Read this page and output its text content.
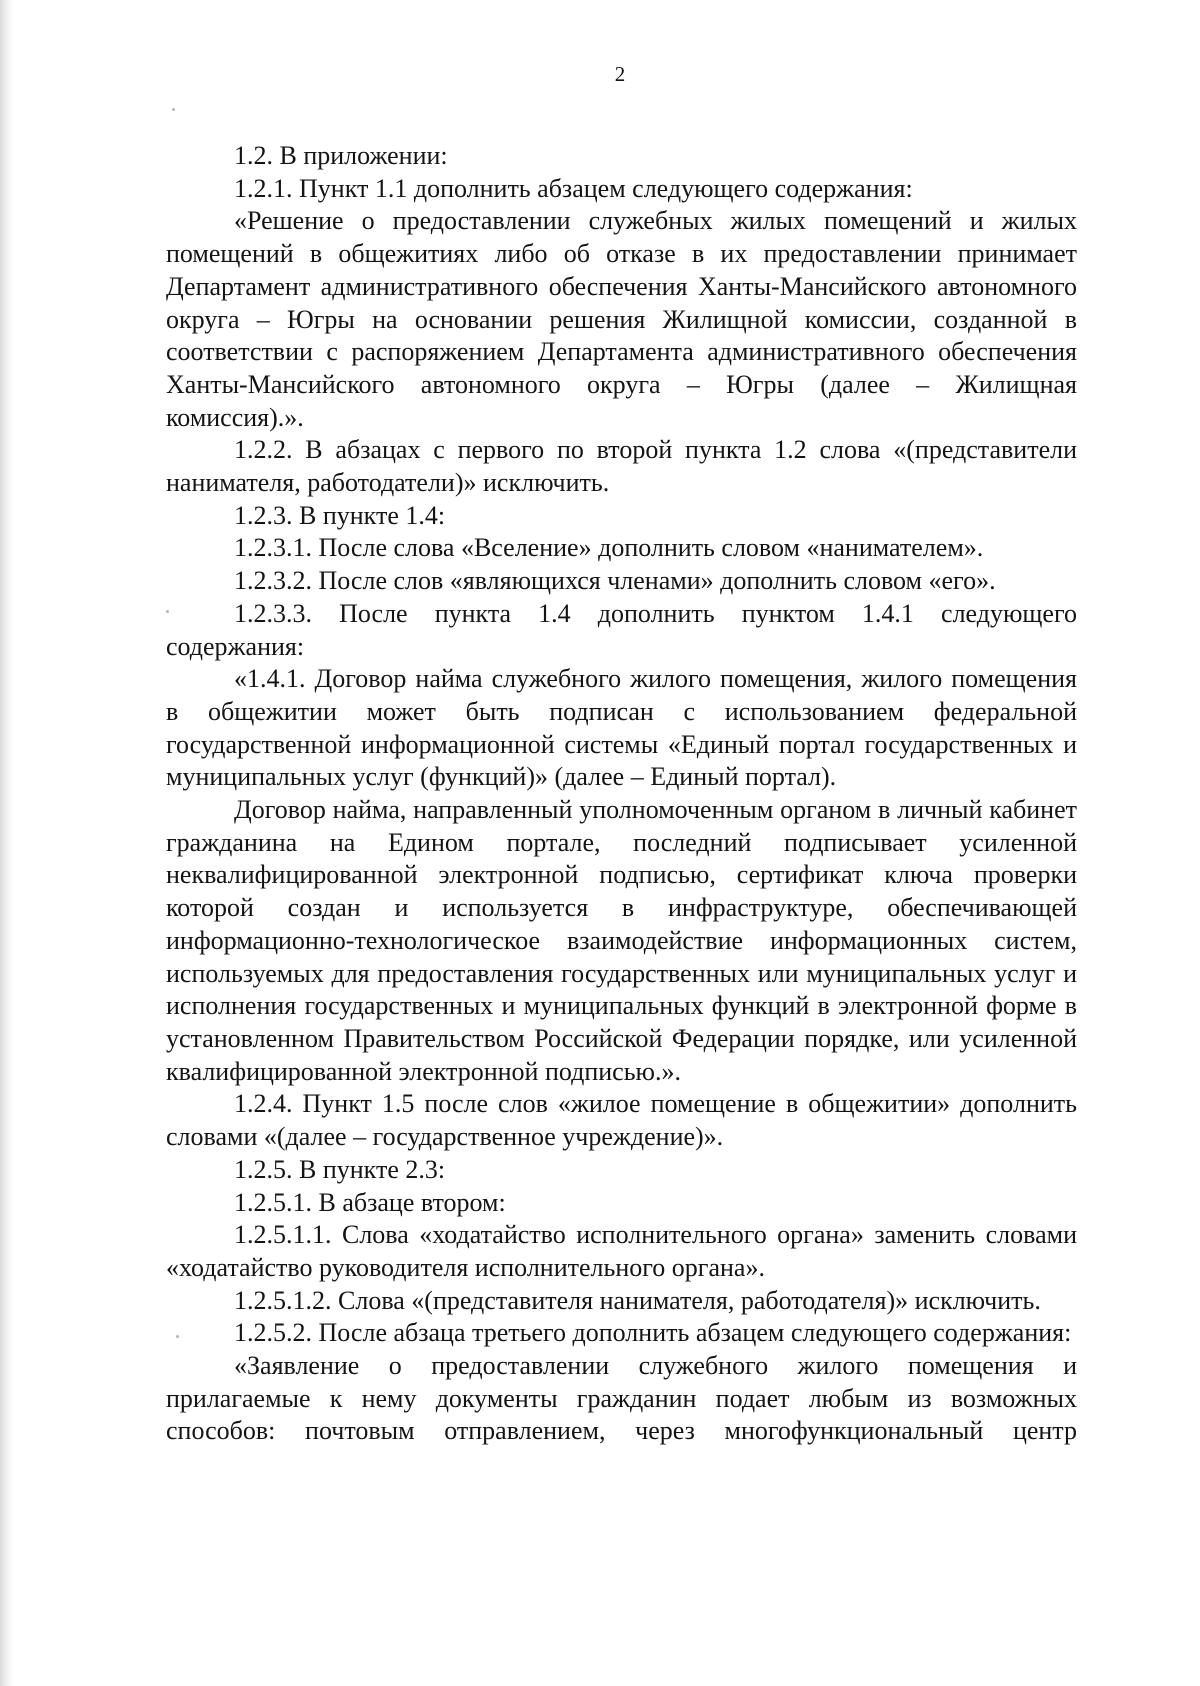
2

1.2. В приложении:

1.2.1. Пункт 1.1 дополнить абзацем следующего содержания:

«Решение о предоставлении служебных жилых помещений и жилых помещений в общежитиях либо об отказе в их предоставлении принимает Департамент административного обеспечения Ханты-Мансийского автономного округа – Югры на основании решения Жилищной комиссии, созданной в соответствии с распоряжением Департамента административного обеспечения Ханты-Мансийского автономного округа – Югры (далее – Жилищная комиссия).».

1.2.2. В абзацах с первого по второй пункта 1.2 слова «(представители нанимателя, работодатели)» исключить.

1.2.3. В пункте 1.4:

1.2.3.1. После слова «Вселение» дополнить словом «нанимателем».

1.2.3.2. После слов «являющихся членами» дополнить словом «его».

1.2.3.3. После пункта 1.4 дополнить пунктом 1.4.1 следующего содержания:

«1.4.1. Договор найма служебного жилого помещения, жилого помещения в общежитии может быть подписан с использованием федеральной государственной информационной системы «Единый портал государственных и муниципальных услуг (функций)» (далее – Единый портал).

Договор найма, направленный уполномоченным органом в личный кабинет гражданина на Едином портале, последний подписывает усиленной неквалифицированной электронной подписью, сертификат ключа проверки которой создан и используется в инфраструктуре, обеспечивающей информационно-технологическое взаимодействие информационных систем, используемых для предоставления государственных или муниципальных услуг и исполнения государственных и муниципальных функций в электронной форме в установленном Правительством Российской Федерации порядке, или усиленной квалифицированной электронной подписью.».

1.2.4. Пункт 1.5 после слов «жилое помещение в общежитии» дополнить словами «(далее – государственное учреждение)».

1.2.5. В пункте 2.3:

1.2.5.1. В абзаце втором:

1.2.5.1.1. Слова «ходатайство исполнительного органа» заменить словами «ходатайство руководителя исполнительного органа».

1.2.5.1.2. Слова «(представителя нанимателя, работодателя)» исключить.

1.2.5.2. После абзаца третьего дополнить абзацем следующего содержания:

«Заявление о предоставлении служебного жилого помещения и прилагаемые к нему документы гражданин подает любым из возможных способов: почтовым отправлением, через многофункциональный центр
